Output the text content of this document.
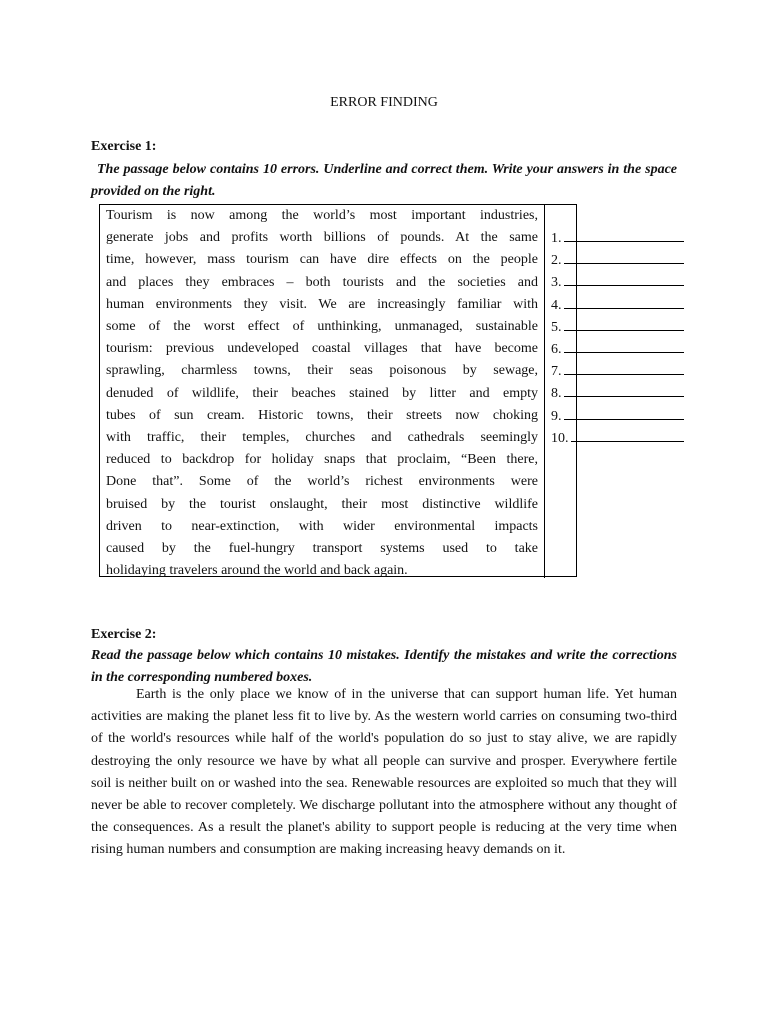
ERROR FINDING
Exercise 1:
The passage below contains 10 errors. Underline and correct them. Write your answers in the space provided on the right.
Tourism is now among the world’s most important industries,
generate jobs and profits worth billions of pounds. At the same
time, however, mass tourism can have dire effects on the people
and places they embraces – both tourists and the societies and
human environments they visit. We are increasingly familiar with
some of the worst effect of unthinking, unmanaged, sustainable
tourism: previous undeveloped coastal villages that have become
sprawling, charmless towns, their seas poisonous by sewage,
denuded of wildlife, their beaches stained by litter and empty
tubes of sun cream. Historic towns, their streets now choking
with traffic, their temples, churches and cathedrals seemingly
reduced to backdrop for holiday snaps that proclaim, “Been there,
Done that”. Some of the world’s richest environments were
bruised by the tourist onslaught, their most distinctive wildlife
driven to near-extinction, with wider environmental impacts
caused by the fuel-hungry transport systems used to take
holidaying travelers around the world and back again.
1.
2.
3.
4.
5.
6.
7.
8.
9.
10.
Exercise 2:
Read the passage below which contains 10 mistakes. Identify the mistakes and write the corrections in the corresponding numbered boxes.

Earth is the only place we know of in the universe that can support human life. Yet human activities are making the planet less fit to live by. As the western world carries on consuming two-third of the world's resources while half of the world's population do so just to stay alive, we are rapidly destroying the only resource we have by what all people can survive and prosper. Everywhere fertile soil is neither built on or washed into the sea. Renewable resources are exploited so much that they will never be able to recover completely. We discharge pollutant into the atmosphere without any thought of the consequences. As a result the planet's ability to support people is reducing at the very time when rising human numbers and consumption are making increasing heavy demands on it.
